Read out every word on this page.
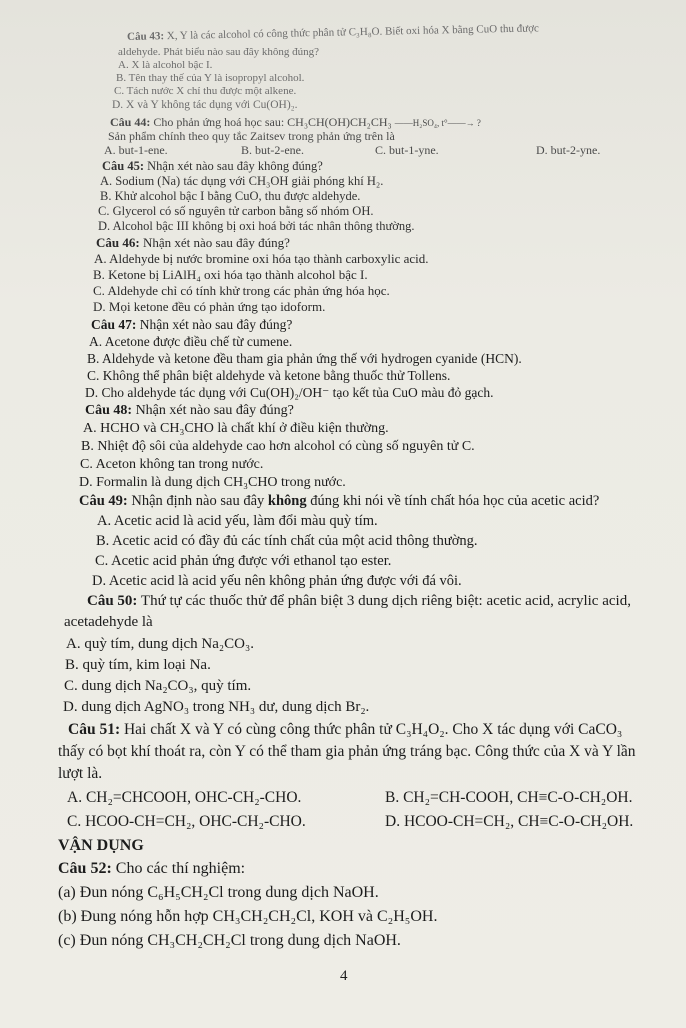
Câu 43: X, Y là các alcohol có công thức phân tử C₃H₈O. Biết oxi hóa X bằng CuO thu được
aldehyde. Phát biểu nào sau đây không đúng?
A. X là alcohol bậc I.
B. Tên thay thế của Y là isopropyl alcohol.
C. Tách nước X chỉ thu được một alkene.
D. X và Y không tác dụng với Cu(OH)₂.
Câu 44: Cho phản ứng hoá học sau: CH₃CH(OH)CH₂CH₃ ——H₂SO₄, t°——→ ?
Sản phẩm chính theo quy tắc Zaitsev trong phản ứng trên là
A. but-1-ene.	B. but-2-ene.	C. but-1-yne.	D. but-2-yne.
Câu 45: Nhận xét nào sau đây không đúng?
A. Sodium (Na) tác dụng với CH₃OH giải phóng khí H₂.
B. Khử alcohol bậc I bằng CuO, thu được aldehyde.
C. Glycerol có số nguyên tử carbon bằng số nhóm OH.
D. Alcohol bậc III không bị oxi hoá bởi tác nhân thông thường.
Câu 46: Nhận xét nào sau đây đúng?
A. Aldehyde bị nước bromine oxi hóa tạo thành carboxylic acid.
B. Ketone bị LiAlH₄ oxi hóa tạo thành alcohol bậc I.
C. Aldehyde chỉ có tính khử trong các phản ứng hóa học.
D. Mọi ketone đều có phản ứng tạo idoform.
Câu 47: Nhận xét nào sau đây đúng?
A. Acetone được điều chế từ cumene.
B. Aldehyde và ketone đều tham gia phản ứng thế với hydrogen cyanide (HCN).
C. Không thể phân biệt aldehyde và ketone bằng thuốc thử Tollens.
D. Cho aldehyde tác dụng với Cu(OH)₂/OH⁻ tạo kết tủa CuO màu đỏ gạch.
Câu 48: Nhận xét nào sau đây đúng?
A. HCHO và CH₃CHO là chất khí ở điều kiện thường.
B. Nhiệt độ sôi của aldehyde cao hơn alcohol có cùng số nguyên tử C.
C. Aceton không tan trong nước.
D. Formalin là dung dịch CH₃CHO trong nước.
Câu 49: Nhận định nào sau đây không đúng khi nói về tính chất hóa học của acetic acid?
A. Acetic acid là acid yếu, làm đổi màu quỳ tím.
B. Acetic acid có đầy đủ các tính chất của một acid thông thường.
C. Acetic acid phản ứng được với ethanol tạo ester.
D. Acetic acid là acid yếu nên không phản ứng được với đá vôi.
Câu 50: Thứ tự các thuốc thử để phân biệt 3 dung dịch riêng biệt: acetic acid, acrylic acid,
acetadehyde là
A. quỳ tím, dung dịch Na₂CO₃.
B. quỳ tím, kim loại Na.
C. dung dịch Na₂CO₃, quỳ tím.
D. dung dịch AgNO₃ trong NH₃ dư, dung dịch Br₂.
Câu 51: Hai chất X và Y có cùng công thức phân tử C₃H₄O₂. Cho X tác dụng với CaCO₃
thấy có bọt khí thoát ra, còn Y có thể tham gia phản ứng tráng bạc. Công thức của X và Y lần
lượt là.
A. CH₂=CHCOOH, OHC-CH₂-CHO.	B. CH₂=CH-COOH, CH≡C-O-CH₂OH.
C. HCOO-CH=CH₂, OHC-CH₂-CHO.	D. HCOO-CH=CH₂, CH≡C-O-CH₂OH.
VẬN DỤNG
Câu 52: Cho các thí nghiệm:
(a) Đun nóng C₆H₅CH₂Cl trong dung dịch NaOH.
(b) Đung nóng hỗn hợp CH₃CH₂CH₂Cl, KOH và C₂H₅OH.
(c) Đun nóng CH₃CH₂CH₂Cl trong dung dịch NaOH.
4
